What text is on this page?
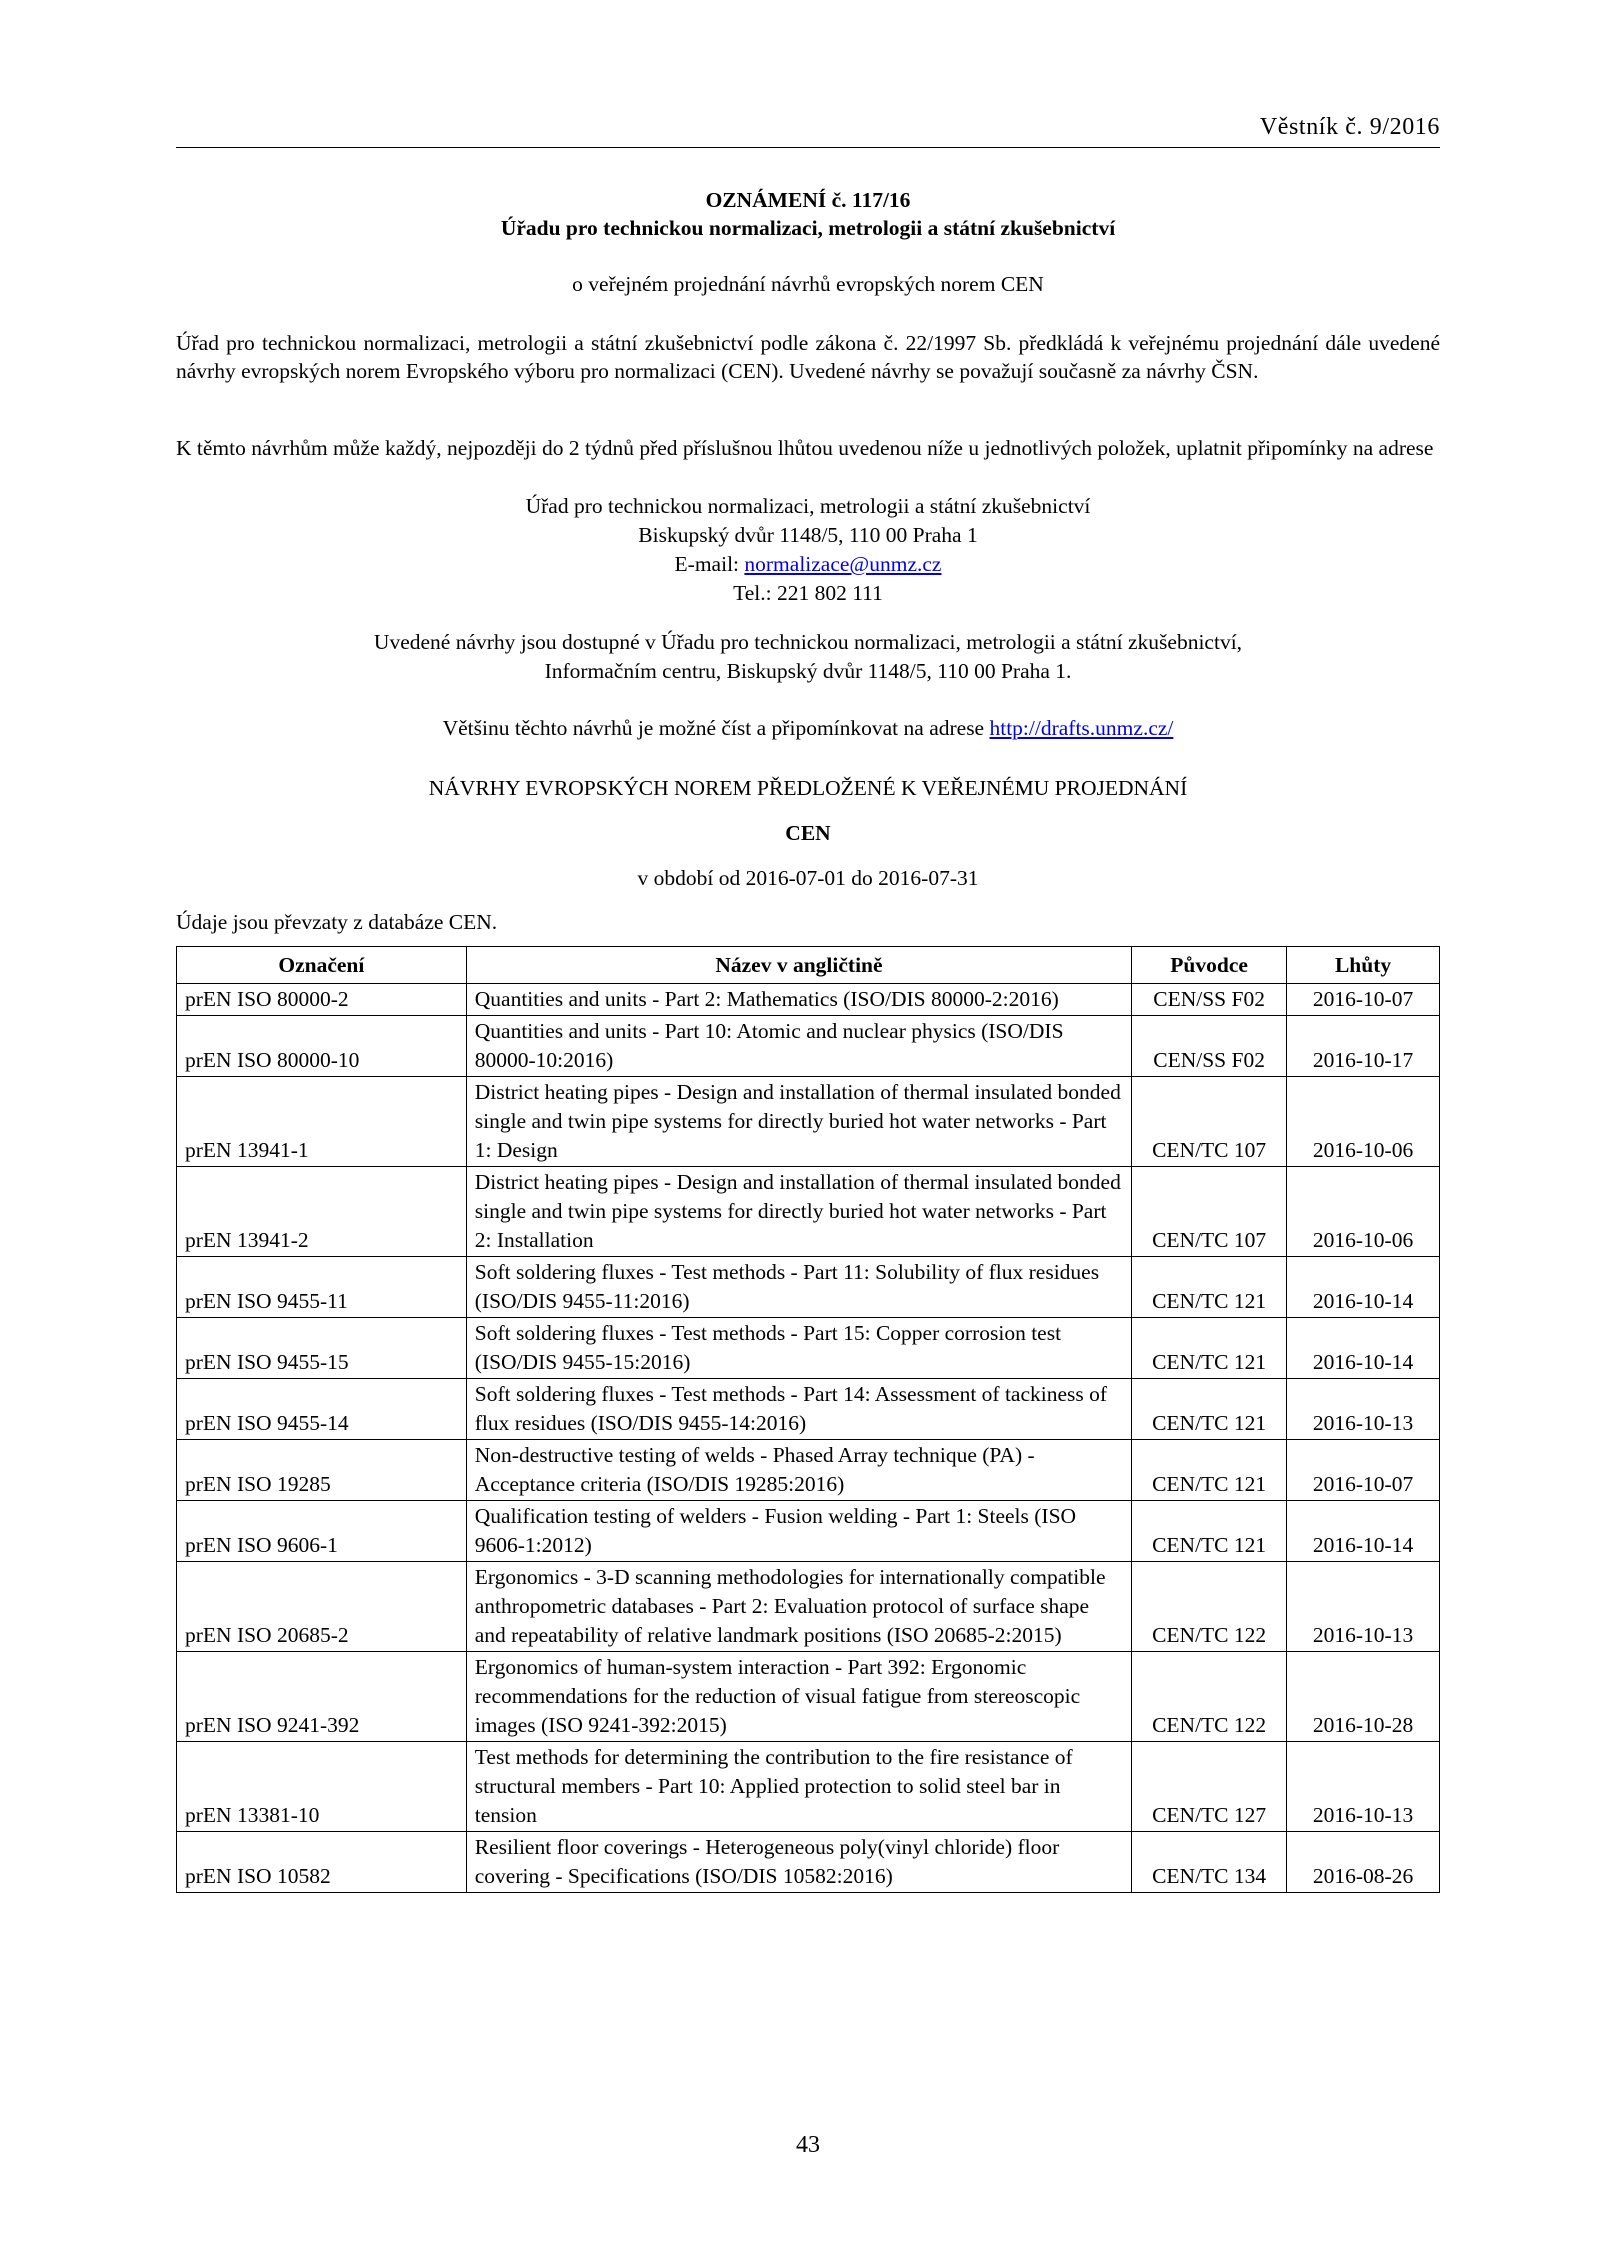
Věstník č. 9/2016
OZNÁMENÍ č. 117/16
Úřadu pro technickou normalizaci, metrologii a státní zkušebnictví
o veřejném projednání návrhů evropských norem CEN
Úřad pro technickou normalizaci, metrologii a státní zkušebnictví podle zákona č. 22/1997 Sb. předkládá k veřejnému projednání dále uvedené návrhy evropských norem Evropského výboru pro normalizaci (CEN). Uvedené návrhy se považují současně za návrhy ČSN.
K těmto návrhům může každý, nejpozději do 2 týdnů před příslušnou lhůtou uvedenou níže u jednotlivých položek, uplatnit připomínky na adrese
Úřad pro technickou normalizaci, metrologii a státní zkušebnictví
Biskupský dvůr 1148/5, 110 00 Praha 1
E-mail: normalizace@unmz.cz
Tel.: 221 802 111
Uvedené návrhy jsou dostupné v Úřadu pro technickou normalizaci, metrologii a státní zkušebnictví,
Informačním centru, Biskupský dvůr 1148/5, 110 00 Praha 1.
Většinu těchto návrhů je možné číst a připomínkovat na adrese http://drafts.unmz.cz/
NÁVRHY EVROPSKÝCH NOREM PŘEDLOŽENÉ K VEŘEJNÉMU PROJEDNÁNÍ
CEN
v období od 2016-07-01 do 2016-07-31
Údaje jsou převzaty z databáze CEN.
Označení	Název v angličtině	Původce	Lhůty
prEN ISO 80000-2	Quantities and units - Part 2: Mathematics (ISO/DIS 80000-2:2016)	CEN/SS F02	2016-10-07
prEN ISO 80000-10	Quantities and units - Part 10: Atomic and nuclear physics (ISO/DIS 80000-10:2016)	CEN/SS F02	2016-10-17
prEN 13941-1	District heating pipes - Design and installation of thermal insulated bonded single and twin pipe systems for directly buried hot water networks - Part 1: Design	CEN/TC 107	2016-10-06
prEN 13941-2	District heating pipes - Design and installation of thermal insulated bonded single and twin pipe systems for directly buried hot water networks - Part 2: Installation	CEN/TC 107	2016-10-06
prEN ISO 9455-11	Soft soldering fluxes - Test methods - Part 11: Solubility of flux residues (ISO/DIS 9455-11:2016)	CEN/TC 121	2016-10-14
prEN ISO 9455-15	Soft soldering fluxes - Test methods - Part 15: Copper corrosion test (ISO/DIS 9455-15:2016)	CEN/TC 121	2016-10-14
prEN ISO 9455-14	Soft soldering fluxes - Test methods - Part 14: Assessment of tackiness of flux residues (ISO/DIS 9455-14:2016)	CEN/TC 121	2016-10-13
prEN ISO 19285	Non-destructive testing of welds - Phased Array technique (PA) - Acceptance criteria (ISO/DIS 19285:2016)	CEN/TC 121	2016-10-07
prEN ISO 9606-1	Qualification testing of welders - Fusion welding - Part 1: Steels (ISO 9606-1:2012)	CEN/TC 121	2016-10-14
prEN ISO 20685-2	Ergonomics - 3-D scanning methodologies for internationally compatible anthropometric databases - Part 2: Evaluation protocol of surface shape and repeatability of relative landmark positions (ISO 20685-2:2015)	CEN/TC 122	2016-10-13
prEN ISO 9241-392	Ergonomics of human-system interaction - Part 392: Ergonomic recommendations for the reduction of visual fatigue from stereoscopic images (ISO 9241-392:2015)	CEN/TC 122	2016-10-28
prEN 13381-10	Test methods for determining the contribution to the fire resistance of structural members - Part 10: Applied protection to solid steel bar in tension	CEN/TC 127	2016-10-13
prEN ISO 10582	Resilient floor coverings - Heterogeneous poly(vinyl chloride) floor covering - Specifications (ISO/DIS 10582:2016)	CEN/TC 134	2016-08-26
43
